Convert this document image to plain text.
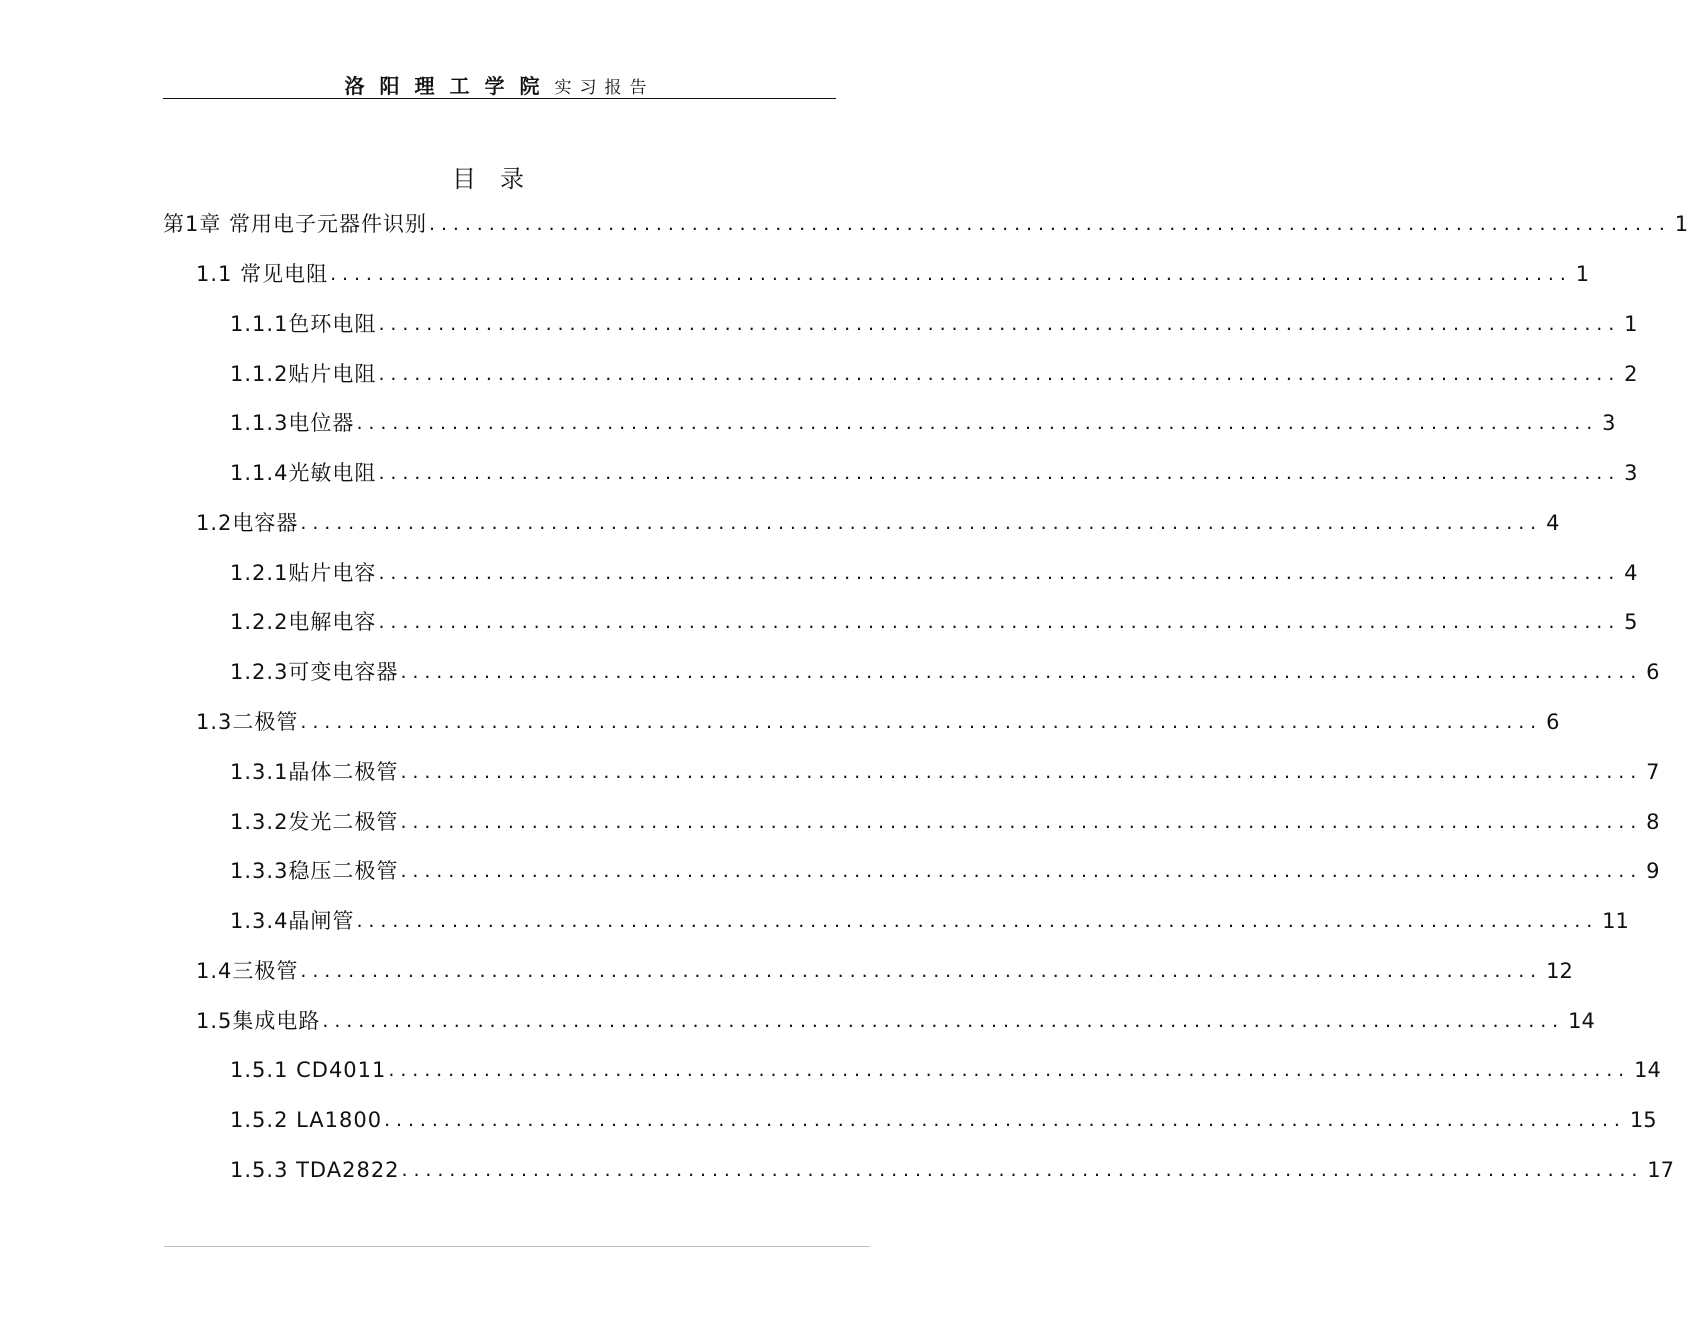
洛阳理工学院实习报告
目录
第1章 常用电子元器件识别 ........................................................................................................ 1
1.1 常见电阻 ........................................................................................................ 1
1.1.1色环电阻 ........................................................................................................ 1
1.1.2贴片电阻 ........................................................................................................ 2
1.1.3电位器 ........................................................................................................ 3
1.1.4光敏电阻 ........................................................................................................ 3
1.2电容器 ........................................................................................................ 4
1.2.1贴片电容 ........................................................................................................ 4
1.2.2电解电容 ........................................................................................................ 5
1.2.3可变电容器 ........................................................................................................ 6
1.3二极管 ........................................................................................................ 6
1.3.1晶体二极管 ........................................................................................................ 7
1.3.2发光二极管 ........................................................................................................ 8
1.3.3稳压二极管 ........................................................................................................ 9
1.3.4晶闸管 ........................................................................................................ 11
1.4三极管 ........................................................................................................ 12
1.5集成电路 ........................................................................................................ 14
1.5.1 CD4011 ........................................................................................................ 14
1.5.2 LA1800 ........................................................................................................ 15
1.5.3 TDA2822 ........................................................................................................ 17
